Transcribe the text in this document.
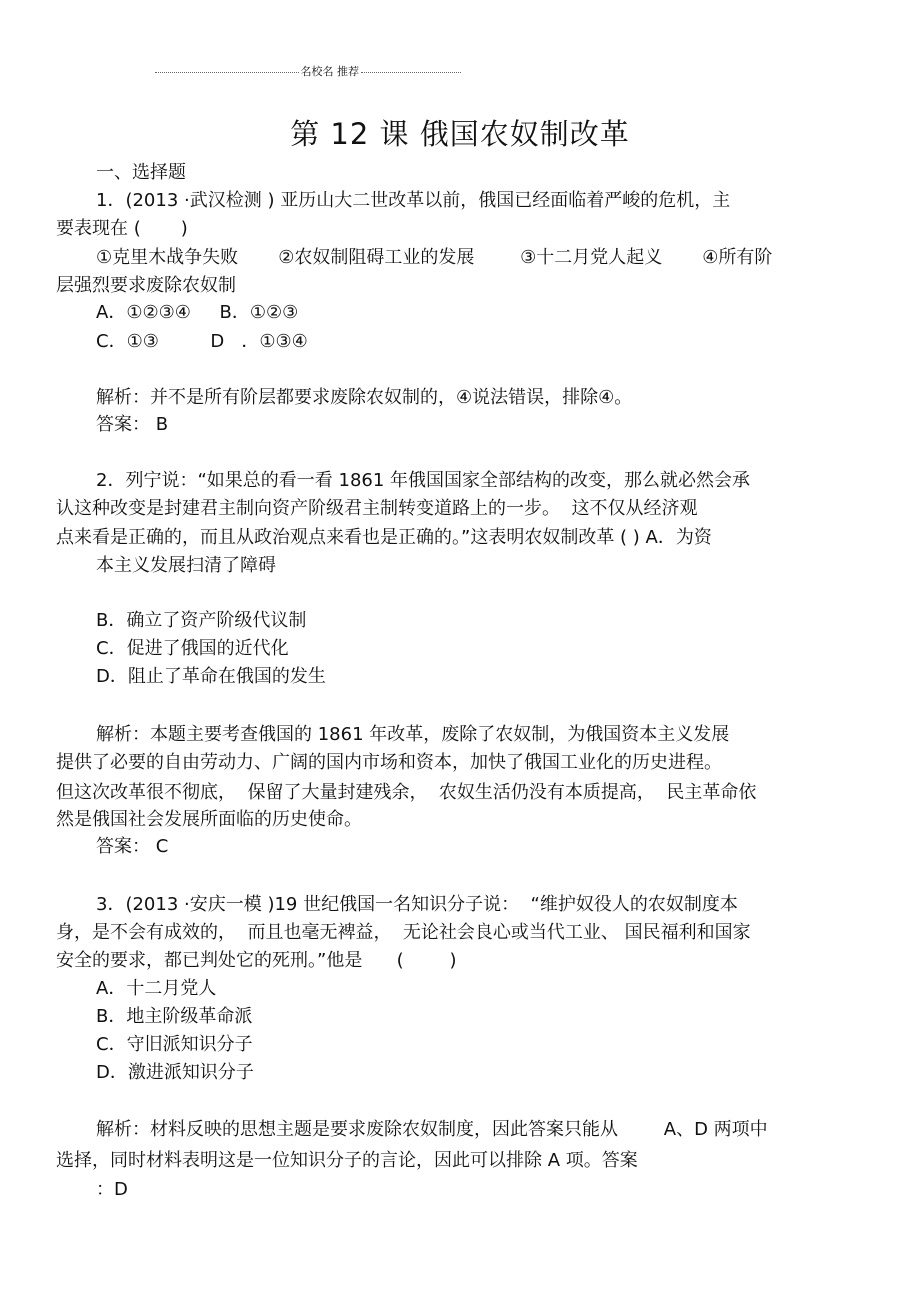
名校名 推荐
第 12 课 俄国农奴制改革
一、选择题
1．(2013 ·武汉检测 ) 亚历山大二世改革以前，俄国已经面临着严峻的危机，主
要表现在 (       )
①克里木战争失败       ②农奴制阻碍工业的发展        ③十二月党人起义       ④所有阶
层强烈要求废除农奴制
A．①②③④     B．①②③
C．①③         D   ．①③④
解析：并不是所有阶层都要求废除农奴制的，④说法错误，排除④。
答案： B
2．列宁说：“如果总的看一看 1861 年俄国国家全部结构的改变，那么就必然会承
认这种改变是封建君主制向资产阶级君主制转变道路上的一步。  这不仅从经济观
点来看是正确的，而且从政治观点来看也是正确的。”这表明农奴制改革 ( ) A．为资
本主义发展扫清了障碍
B．确立了资产阶级代议制
C．促进了俄国的近代化
D．阻止了革命在俄国的发生
解析：本题主要考查俄国的 1861 年改革，废除了农奴制，为俄国资本主义发展
提供了必要的自由劳动力、广阔的国内市场和资本，加快了俄国工业化的历史进程。
但这次改革很不彻底，  保留了大量封建残余，  农奴生活仍没有本质提高，  民主革命依
然是俄国社会发展所面临的历史使命。
答案： C
3．(2013 ·安庆一模 )19 世纪俄国一名知识分子说：  “维护奴役人的农奴制度本
身，是不会有成效的，  而且也毫无裨益，  无论社会良心或当代工业、 国民福利和国家
安全的要求，都已判处它的死刑。”他是      (        )
A．十二月党人
B．地主阶级革命派
C．守旧派知识分子
D．激进派知识分子
解析：材料反映的思想主题是要求废除农奴制度，因此答案只能从        A、D 两项中
选择，同时材料表明这是一位知识分子的言论，因此可以排除 A 项。答案
：D
